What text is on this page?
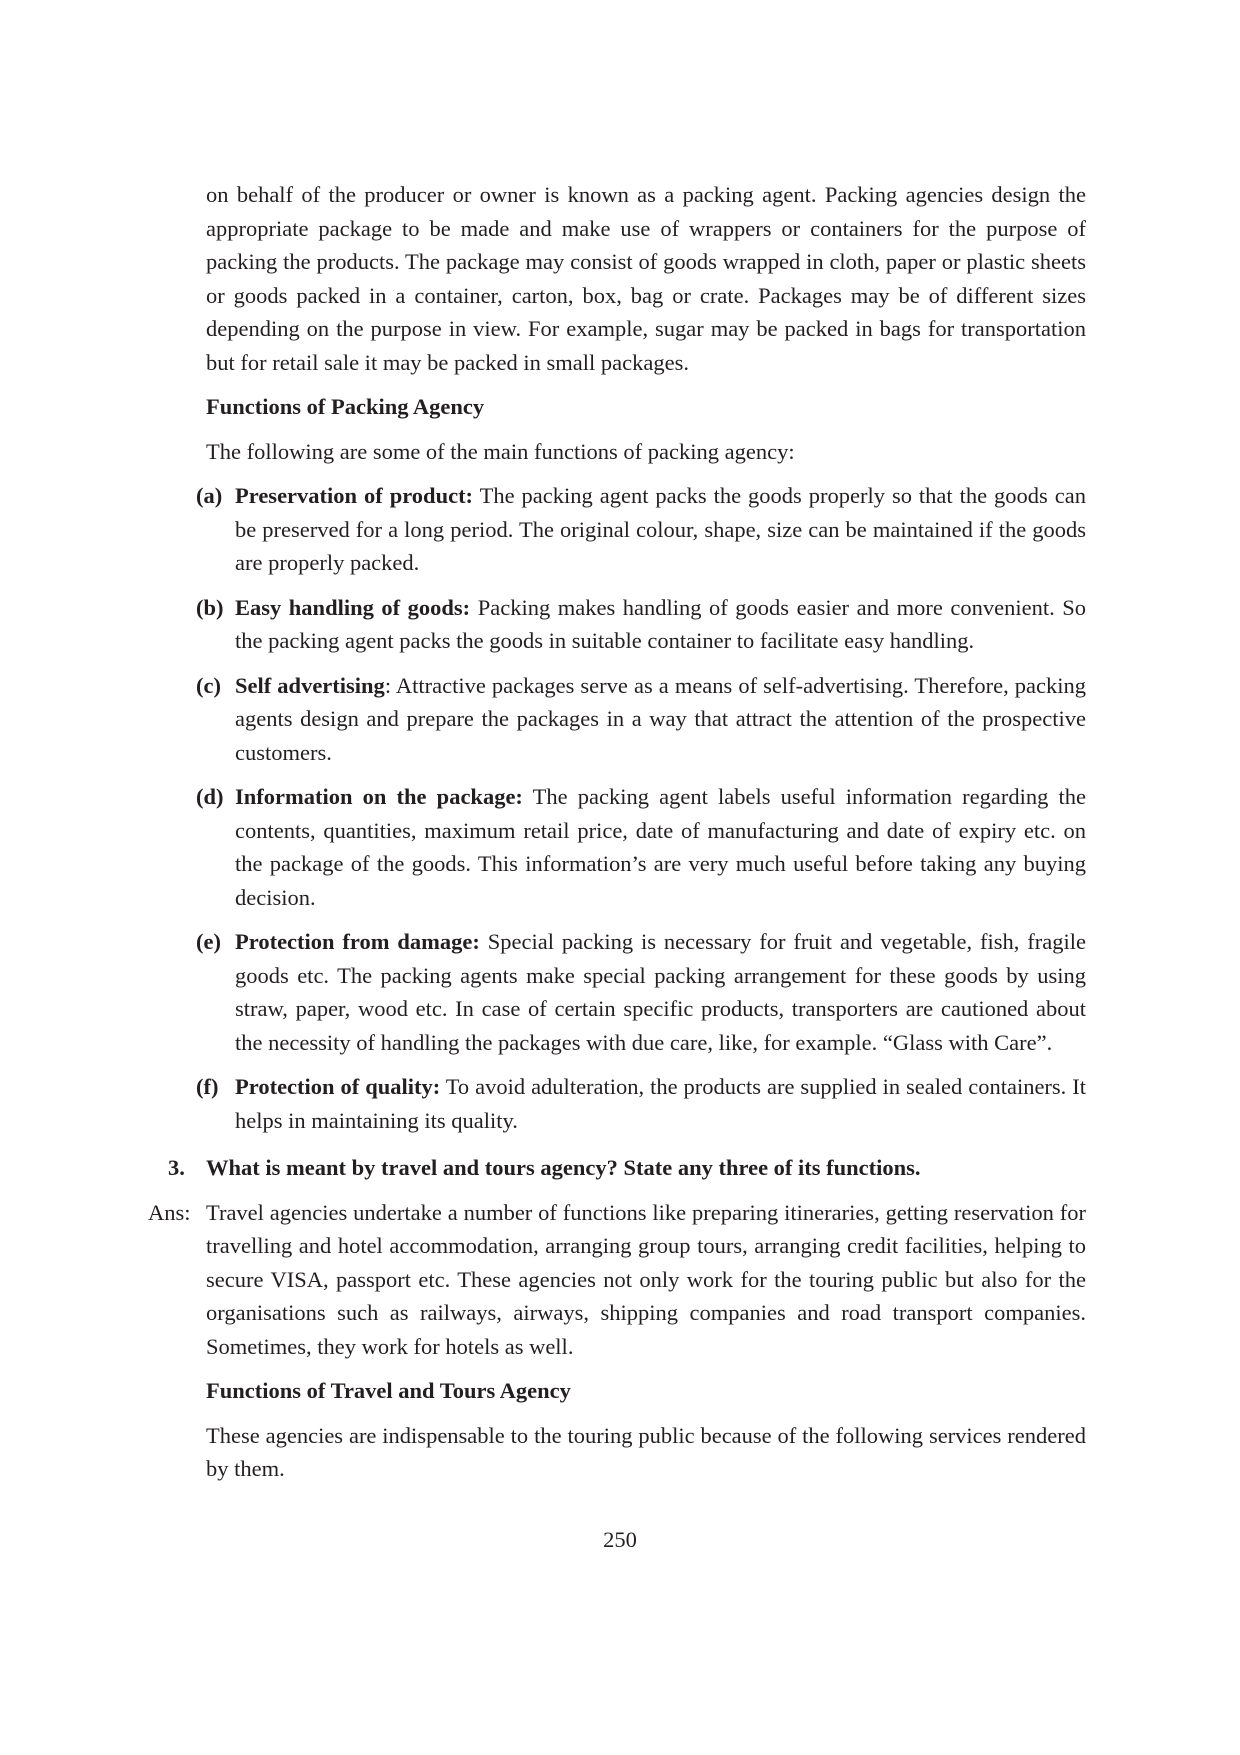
on behalf of the producer or owner is known as a packing agent. Packing agencies design the appropriate package to be made and make use of wrappers or containers for the purpose of packing the products. The package may consist of goods wrapped in cloth, paper or plastic sheets or goods packed in a container, carton, box, bag or crate. Packages may be of different sizes depending on the purpose in view. For example, sugar may be packed in bags for transportation but for retail sale it may be packed in small packages.

Functions of Packing Agency

The following are some of the main functions of packing agency:

(a) Preservation of product: The packing agent packs the goods properly so that the goods can be preserved for a long period. The original colour, shape, size can be maintained if the goods are properly packed.
(b) Easy handling of goods: Packing makes handling of goods easier and more convenient. So the packing agent packs the goods in suitable container to facilitate easy handling.
(c) Self advertising: Attractive packages serve as a means of self-advertising. Therefore, packing agents design and prepare the packages in a way that attract the attention of the prospective customers.
(d) Information on the package: The packing agent labels useful information regarding the contents, quantities, maximum retail price, date of manufacturing and date of expiry etc. on the package of the goods. This information’s are very much useful before taking any buying decision.
(e) Protection from damage: Special packing is necessary for fruit and vegetable, fish, fragile goods etc. The packing agents make special packing arrangement for these goods by using straw, paper, wood etc. In case of certain specific products, transporters are cautioned about the necessity of handling the packages with due care, like, for example. “Glass with Care”.
(f) Protection of quality: To avoid adulteration, the products are supplied in sealed containers. It helps in maintaining its quality.

3. What is meant by travel and tours agency? State any three of its functions.

Ans: Travel agencies undertake a number of functions like preparing itineraries, getting reservation for travelling and hotel accommodation, arranging group tours, arranging credit facilities, helping to secure VISA, passport etc. These agencies not only work for the touring public but also for the organisations such as railways, airways, shipping companies and road transport companies. Sometimes, they work for hotels as well.

Functions of Travel and Tours Agency

These agencies are indispensable to the touring public because of the following services rendered by them.

250
